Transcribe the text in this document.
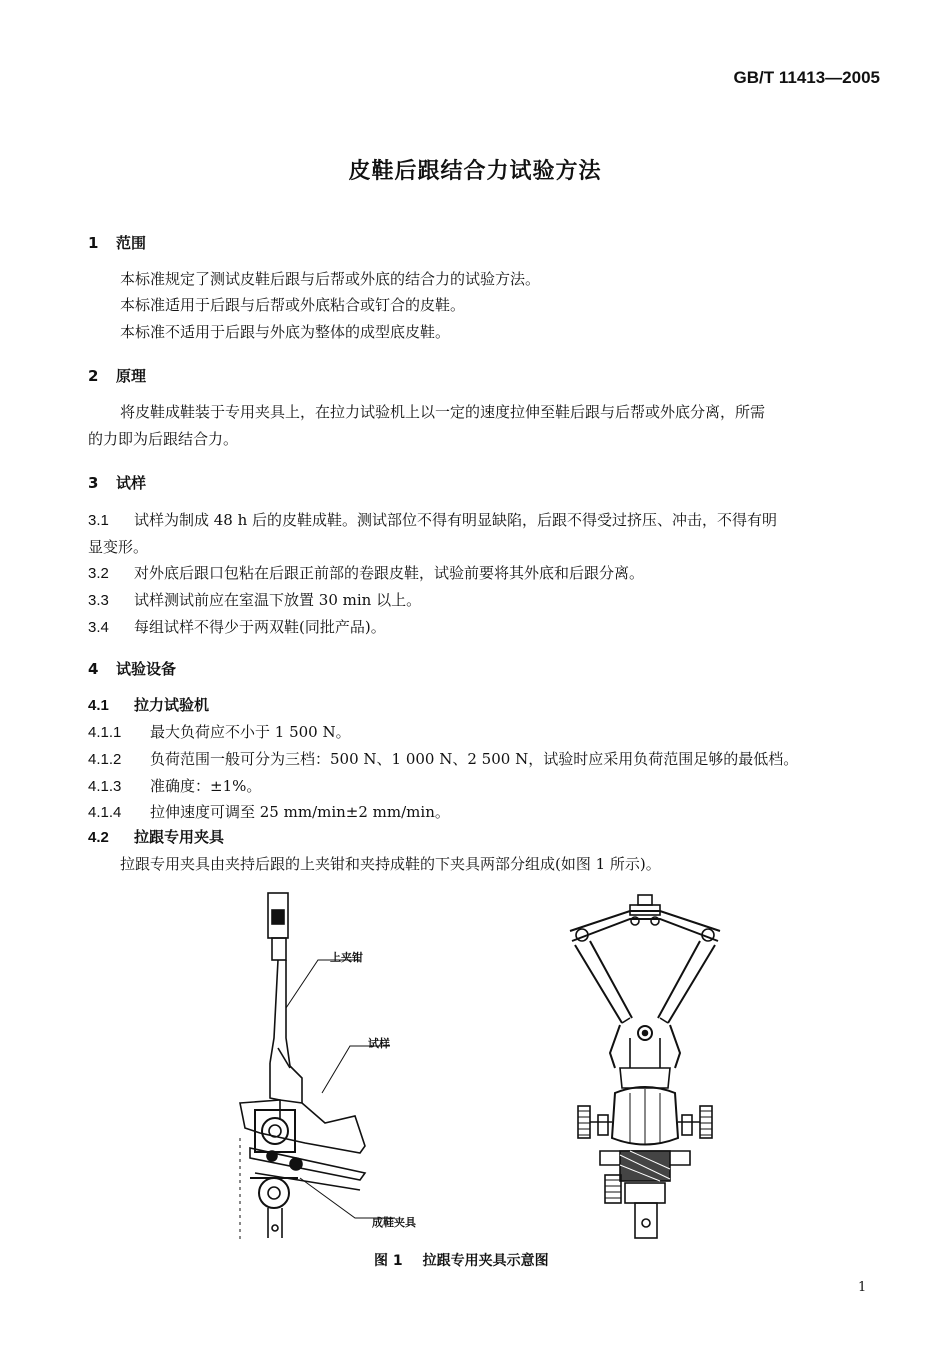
GB/T 11413—2005
皮鞋后跟结合力试验方法
1 范围
本标准规定了测试皮鞋后跟与后帮或外底的结合力的试验方法。
本标准适用于后跟与后帮或外底粘合或钉合的皮鞋。
本标准不适用于后跟与外底为整体的成型底皮鞋。
2 原理
将皮鞋成鞋装于专用夹具上，在拉力试验机上以一定的速度拉伸至鞋后跟与后帮或外底分离，所需
的力即为后跟结合力。
3 试样
3.1 试样为制成 48 h 后的皮鞋成鞋。测试部位不得有明显缺陷，后跟不得受过挤压、冲击，不得有明
显变形。
3.2 对外底后跟口包粘在后跟正前部的卷跟皮鞋，试验前要将其外底和后跟分离。
3.3 试样测试前应在室温下放置 30 min 以上。
3.4 每组试样不得少于两双鞋(同批产品)。
4 试验设备
4.1 拉力试验机
4.1.1 最大负荷应不小于 1 500 N。
4.1.2 负荷范围一般可分为三档：500 N、1 000 N、2 500 N，试验时应采用负荷范围足够的最低档。
4.1.3 准确度：±1%。
4.1.4 拉伸速度可调至 25 mm/min±2 mm/min。
4.2 拉跟专用夹具
拉跟专用夹具由夹持后跟的上夹钳和夹持成鞋的下夹具两部分组成(如图 1 所示)。
上夹钳
试样
成鞋夹具
图 1 拉跟专用夹具示意图
1
